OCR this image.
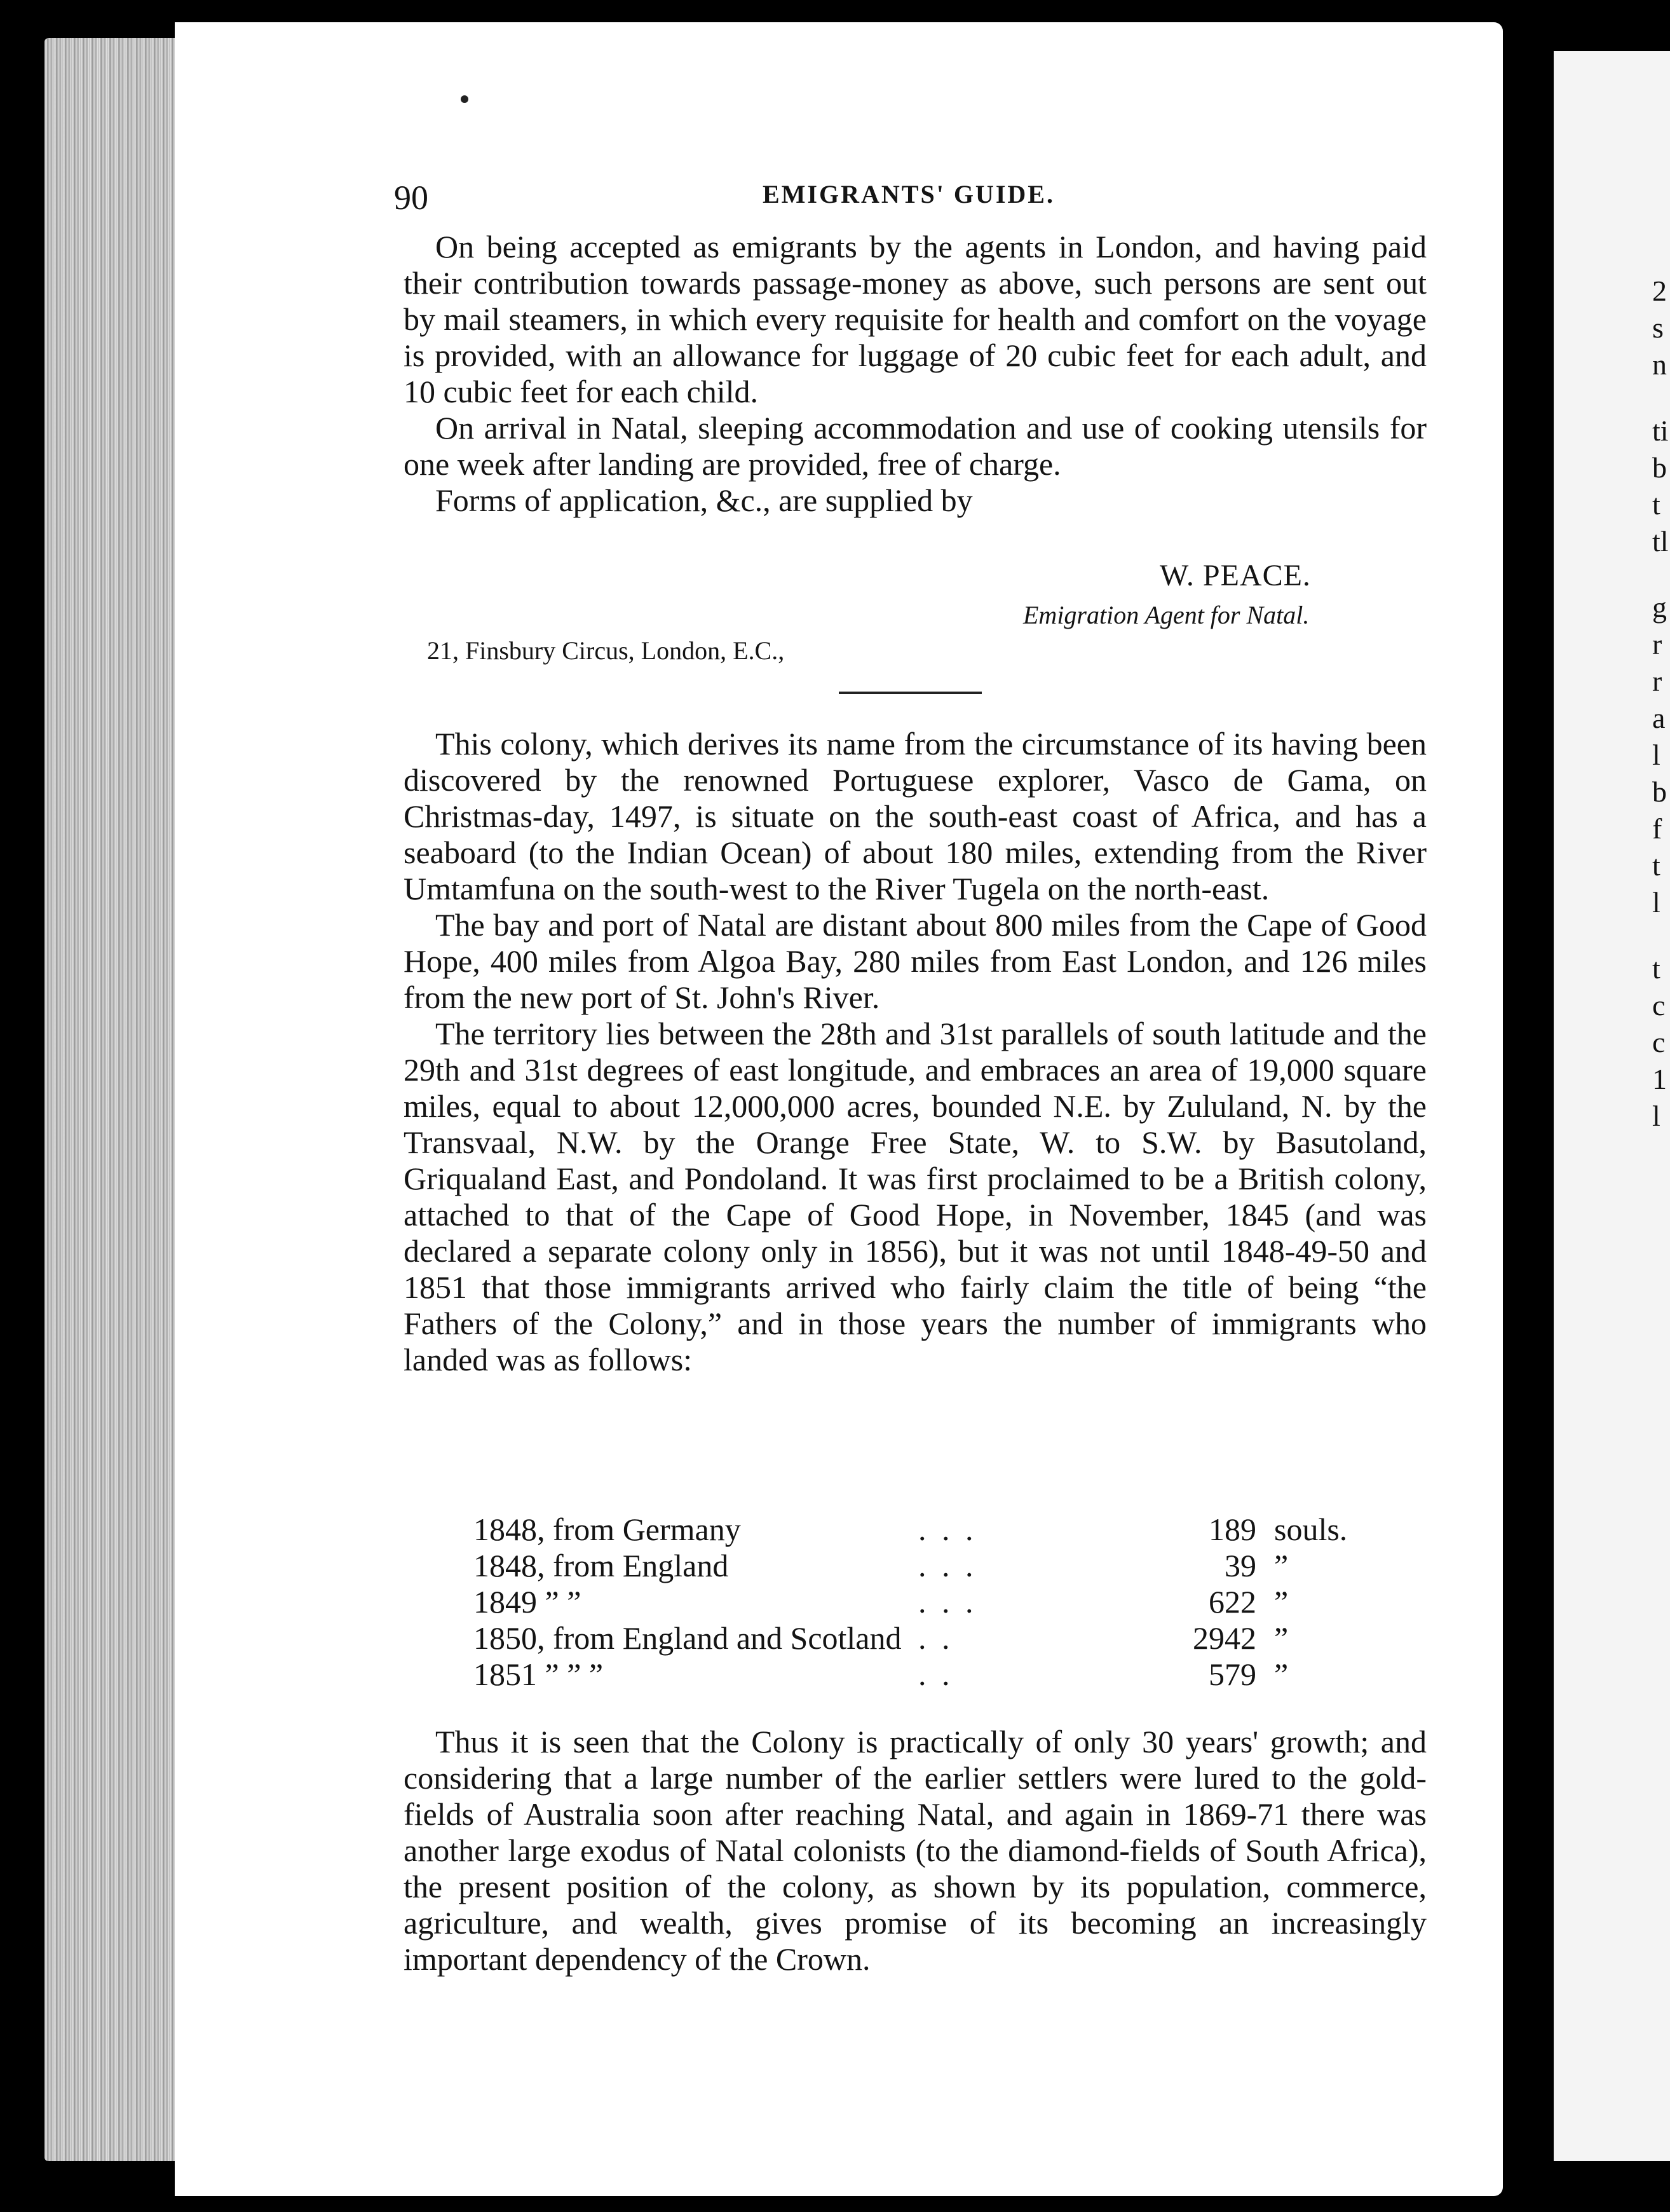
2
s
n
ti
b
t
tl
g
r
r
a
l
b
f
t
l
t
c
c
1
l
90	EMIGRANTS' GUIDE.

On being accepted as emigrants by the agents in London, and having paid their contribution towards passage-money as above, such persons are sent out by mail steamers, in which every requisite for health and comfort on the voyage is provided, with an allowance for luggage of 20 cubic feet for each adult, and 10 cubic feet for each child.

On arrival in Natal, sleeping accommodation and use of cooking utensils for one week after landing are provided, free of charge.

Forms of application, &c., are supplied by

W. PEACE.
Emigration Agent for Natal.
21, Finsbury Circus, London, E.C.,

This colony, which derives its name from the circumstance of its having been discovered by the renowned Portuguese explorer, Vasco de Gama, on Christmas-day, 1497, is situate on the south-east coast of Africa, and has a seaboard (to the Indian Ocean) of about 180 miles, extending from the River Umtamfuna on the south-west to the River Tugela on the north-east.

The bay and port of Natal are distant about 800 miles from the Cape of Good Hope, 400 miles from Algoa Bay, 280 miles from East London, and 126 miles from the new port of St. John's River.

The territory lies between the 28th and 31st parallels of south latitude and the 29th and 31st degrees of east longitude, and embraces an area of 19,000 square miles, equal to about 12,000,000 acres, bounded N.E. by Zululand, N. by the Transvaal, N.W. by the Orange Free State, W. to S.W. by Basutoland, Griqualand East, and Pondoland. It was first proclaimed to be a British colony, attached to that of the Cape of Good Hope, in November, 1845 (and was declared a separate colony only in 1856), but it was not until 1848-49-50 and 1851 that those immigrants arrived who fairly claim the title of being “the Fathers of the Colony,” and in those years the number of immigrants who landed was as follows:

1848, from Germany	. . .	189 souls.
1848, from England	. . .	39 ”
1849 ” ”	. . .	622 ”
1850, from England and Scotland . .	2942 ”
1851 ” ” ”	. .	579 ”

Thus it is seen that the Colony is practically of only 30 years' growth; and considering that a large number of the earlier settlers were lured to the gold-fields of Australia soon after reaching Natal, and again in 1869-71 there was another large exodus of Natal colonists (to the diamond-fields of South Africa), the present position of the colony, as shown by its population, commerce, agriculture, and wealth, gives promise of its becoming an increasingly important dependency of the Crown.
